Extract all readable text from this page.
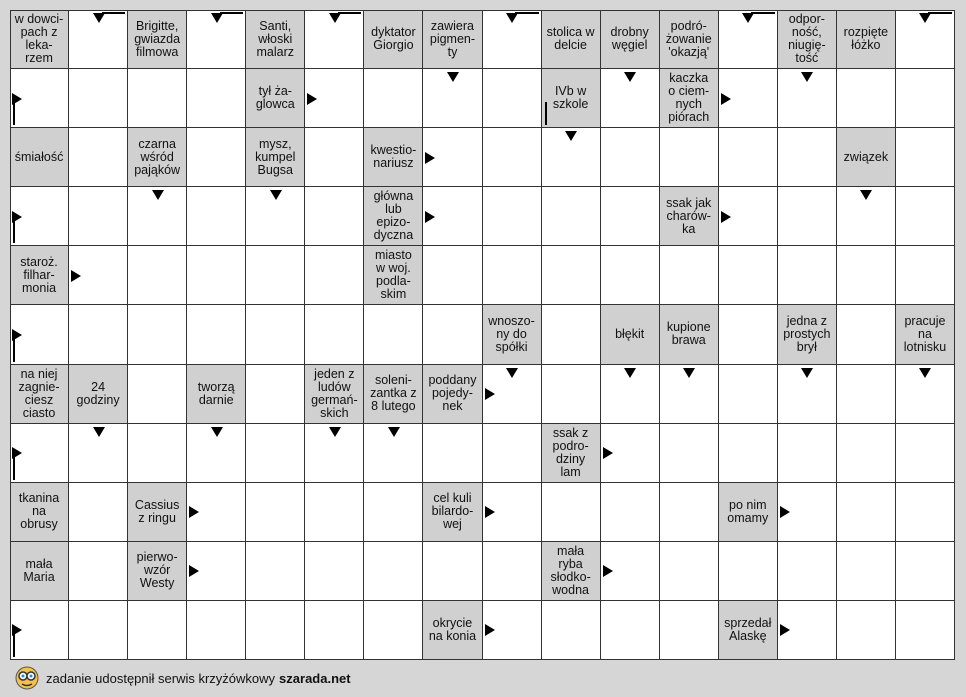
w dowci-
pach z
leka-
rzem
Brigitte,
gwiazda
filmowa
Santi,
włoski
malarz
dyktator
Giorgio
zawiera
pigmen-
ty
stolica w
delcie
drobny
węgiel
podró-
żowanie
'okazją'
odpor-
ność,
niugię-
tość
rozpięte
łóżko
tył ża-
glowca
IVb w
szkole
kaczka
o ciem-
nych
piórach
śmiałość
czarna
wśród
pająków
mysz,
kumpel
Bugsa
kwestio-
nariusz	związek
główna
lub
epizo-
dyczna
ssak jak
charów-
ka
staroż.
filhar-
monia
miasto
w woj.
podla-
skim
wnoszo-
ny do
spółki
błękit kupione
brawa
jedna z
prostych
brył
pracuje
na
lotnisku
na niej
zagnie-
ciesz
ciasto
24
godziny
tworzą
darnie
jeden z
ludów
germań-
skich
soleni-
zantka z
8 lutego
poddany
pojedy-
nek
ssak z
podro-
dziny
lam
tkanina
na
obrusy
Cassius
z ringu
cel kuli
bilardo-
wej
po nim
omamy
mała
Maria
pierwo-
wzór
Westy
mała
ryba
słodko-
wodna
okrycie
na konia
sprzedał
Alaskę
zadanie udostępnił serwis krzyżówkowy szarada.net
